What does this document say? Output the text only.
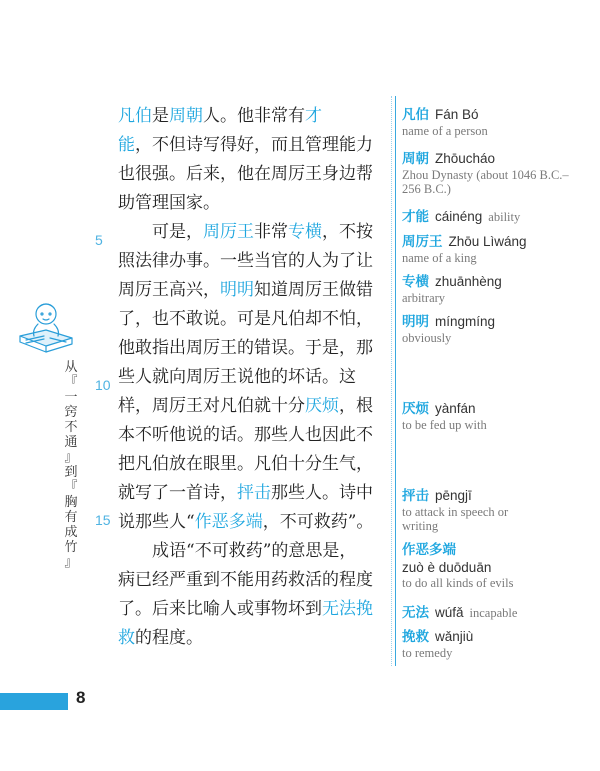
凡伯是周朝人。他非常有才
能，不但诗写得好，而且管理能力
也很强。后来，他在周厉王身边帮
助管理国家。
　　可是，周厉王非常专横，不按
照法律办事。一些当官的人为了让
周厉王高兴，明明知道周厉王做错
了，也不敢说。可是凡伯却不怕，
他敢指出周厉王的错误。于是，那
些人就向周厉王说他的坏话。这
样，周厉王对凡伯就十分厌烦，根
本不听他说的话。那些人也因此不
把凡伯放在眼里。凡伯十分生气，
就写了一首诗，抨击那些人。诗中
说那些人“作恶多端，不可救药”。
　　成语“不可救药”的意思是，
病已经严重到不能用药救活的程度
了。后来比喻人或事物坏到无法挽
救的程度。
5
10
15
凡伯 Fán Bó
name of a person
周朝 Zhōucháo
Zhou Dynasty (about 1046 B.C.– 256 B.C.)
才能 cáinéng ability
周厉王 Zhōu Lìwáng
name of a king
专横 zhuānhèng
arbitrary
明明 míngmíng
obviously
厌烦 yànfán
to be fed up with
抨击 pēngjī
to attack in speech or writing
作恶多端
zuò è duōduān
to do all kinds of evils
无法 wúfǎ incapable
挽救 wǎnjiù
to remedy
从
『
一
窍
不
通
』
到
『
胸
有
成
竹
』
8
